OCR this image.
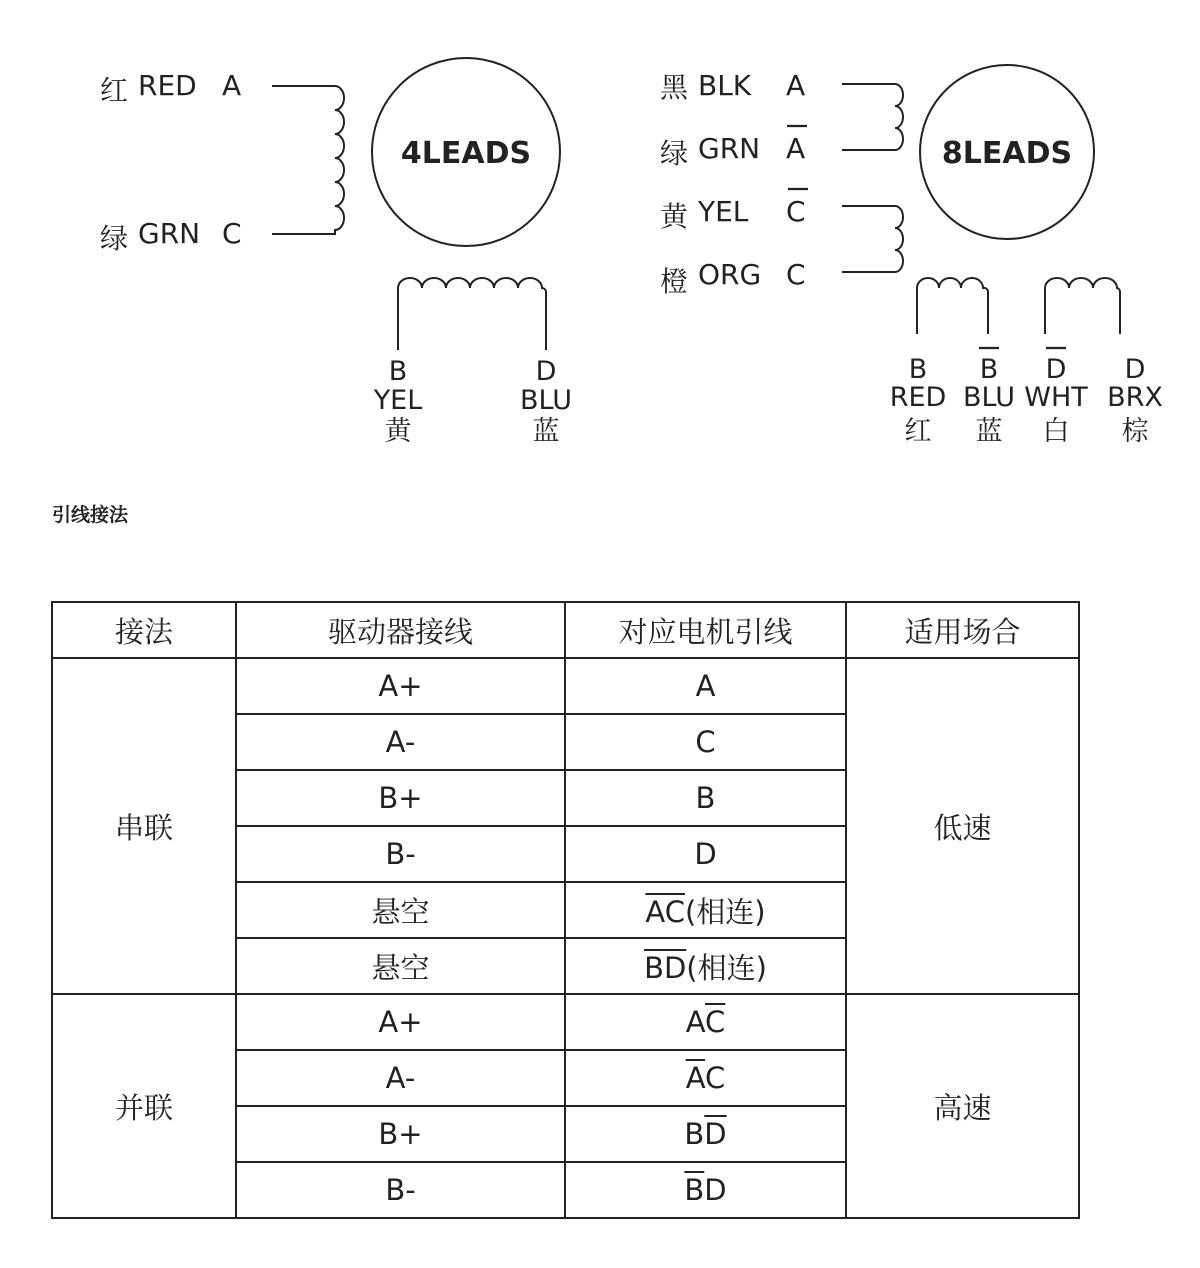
4LEADS
红 RED A
绿 GRN C
B
YEL
黄
D
BLU
蓝
8LEADS
黑 BLK A
绿 GRN A
黄 YEL C
橙 ORG C
B
RED
红
B
BLU
蓝
D
WHT
白
D
BRX
棕
引线接法
接法	驱动器接线	对应电机引线	适用场合
串联	A+	A	低速
	A-	C	
	B+	B	
	B-	D	
	悬空	$\overline{AC}$(相连)	
	悬空	$\overline{BD}$(相连)	
并联	A+	$A\overline{C}$	高速
	A-	$\overline{A}C$	
	B+	$B\overline{D}$
	B-	$\overline{B}D$	
